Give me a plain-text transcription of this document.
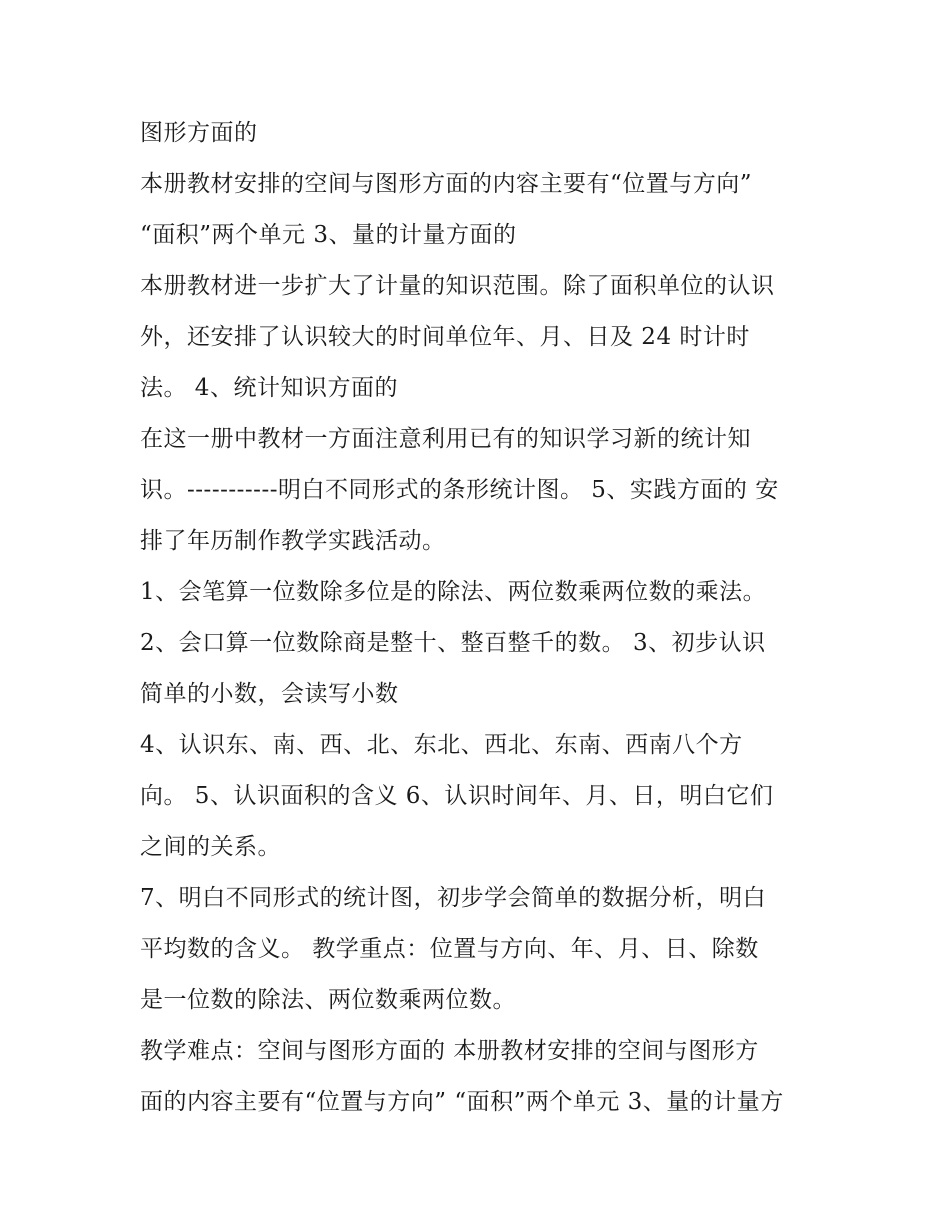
图形方面的
本册教材安排的空间与图形方面的内容主要有“位置与方向”
“面积”两个单元 3、量的计量方面的
本册教材进一步扩大了计量的知识范围。除了面积单位的认识
外，还安排了认识较大的时间单位年、月、日及 24 时计时
法。 4、统计知识方面的
在这一册中教材一方面注意利用已有的知识学习新的统计知
识。-----------明白不同形式的条形统计图。 5、实践方面的 安
排了年历制作教学实践活动。
1、会笔算一位数除多位是的除法、两位数乘两位数的乘法。
2、会口算一位数除商是整十、整百整千的数。 3、初步认识
简单的小数，会读写小数
4、认识东、南、西、北、东北、西北、东南、西南八个方
向。 5、认识面积的含义 6、认识时间年、月、日，明白它们
之间的关系。
7、明白不同形式的统计图，初步学会简单的数据分析，明白
平均数的含义。 教学重点：位置与方向、年、月、日、除数
是一位数的除法、两位数乘两位数。
教学难点：空间与图形方面的 本册教材安排的空间与图形方
面的内容主要有“位置与方向” “面积”两个单元 3、量的计量方
